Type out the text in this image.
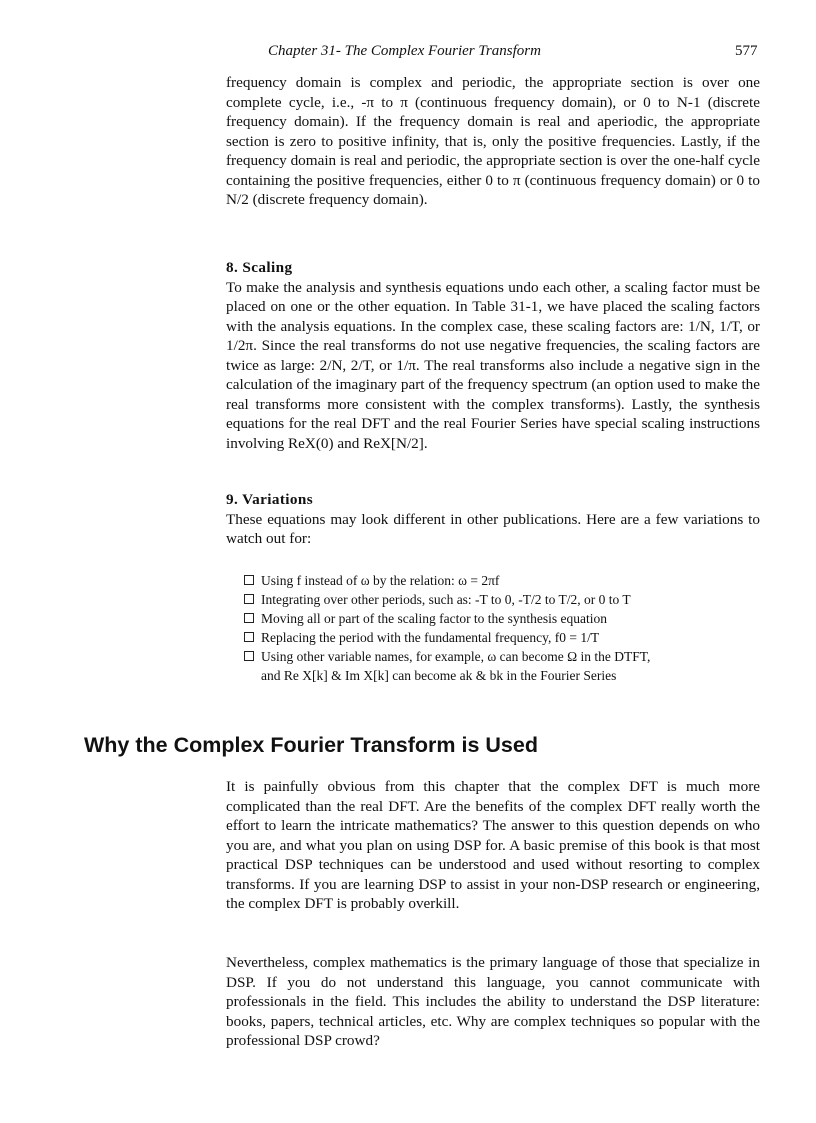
Chapter 31- The Complex Fourier Transform	577

frequency domain is complex and periodic, the appropriate section is over one complete cycle, i.e., -π to π (continuous frequency domain), or 0 to N-1 (discrete frequency domain). If the frequency domain is real and aperiodic, the appropriate section is zero to positive infinity, that is, only the positive frequencies. Lastly, if the frequency domain is real and periodic, the appropriate section is over the one-half cycle containing the positive frequencies, either 0 to π (continuous frequency domain) or 0 to N/2 (discrete frequency domain).

8. Scaling

To make the analysis and synthesis equations undo each other, a scaling factor must be placed on one or the other equation. In Table 31-1, we have placed the scaling factors with the analysis equations. In the complex case, these scaling factors are: 1/N, 1/T, or 1/2π. Since the real transforms do not use negative frequencies, the scaling factors are twice as large: 2/N, 2/T, or 1/π. The real transforms also include a negative sign in the calculation of the imaginary part of the frequency spectrum (an option used to make the real transforms more consistent with the complex transforms). Lastly, the synthesis equations for the real DFT and the real Fourier Series have special scaling instructions involving ReX(0) and ReX[N/2].

9. Variations

These equations may look different in other publications. Here are a few variations to watch out for:

Using f instead of ω by the relation: ω = 2πf
Integrating over other periods, such as: -T to 0, -T/2 to T/2, or 0 to T
Moving all or part of the scaling factor to the synthesis equation
Replacing the period with the fundamental frequency, f0 = 1/T
Using other variable names, for example, ω can become Ω in the DTFT,
and Re X[k] & Im X[k] can become ak & bk in the Fourier Series
Why the Complex Fourier Transform is Used

It is painfully obvious from this chapter that the complex DFT is much more complicated than the real DFT. Are the benefits of the complex DFT really worth the effort to learn the intricate mathematics? The answer to this question depends on who you are, and what you plan on using DSP for. A basic premise of this book is that most practical DSP techniques can be understood and used without resorting to complex transforms. If you are learning DSP to assist in your non-DSP research or engineering, the complex DFT is probably overkill.

Nevertheless, complex mathematics is the primary language of those that specialize in DSP. If you do not understand this language, you cannot communicate with professionals in the field. This includes the ability to understand the DSP literature: books, papers, technical articles, etc. Why are complex techniques so popular with the professional DSP crowd?
